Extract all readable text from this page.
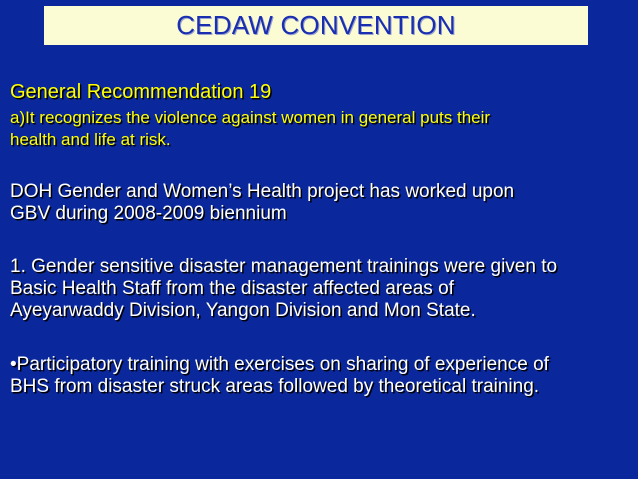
CEDAW CONVENTION

General Recommendation 19

a)It recognizes the violence against women in general puts their
health and life at risk.

DOH Gender and Women’s Health project has worked upon
GBV during 2008-2009 biennium

1. Gender sensitive disaster management trainings were given to
Basic Health Staff from the disaster affected areas of
Ayeyarwaddy Division, Yangon Division and Mon State.

•Participatory training with exercises on sharing of experience of
BHS from disaster struck areas followed by theoretical training.
